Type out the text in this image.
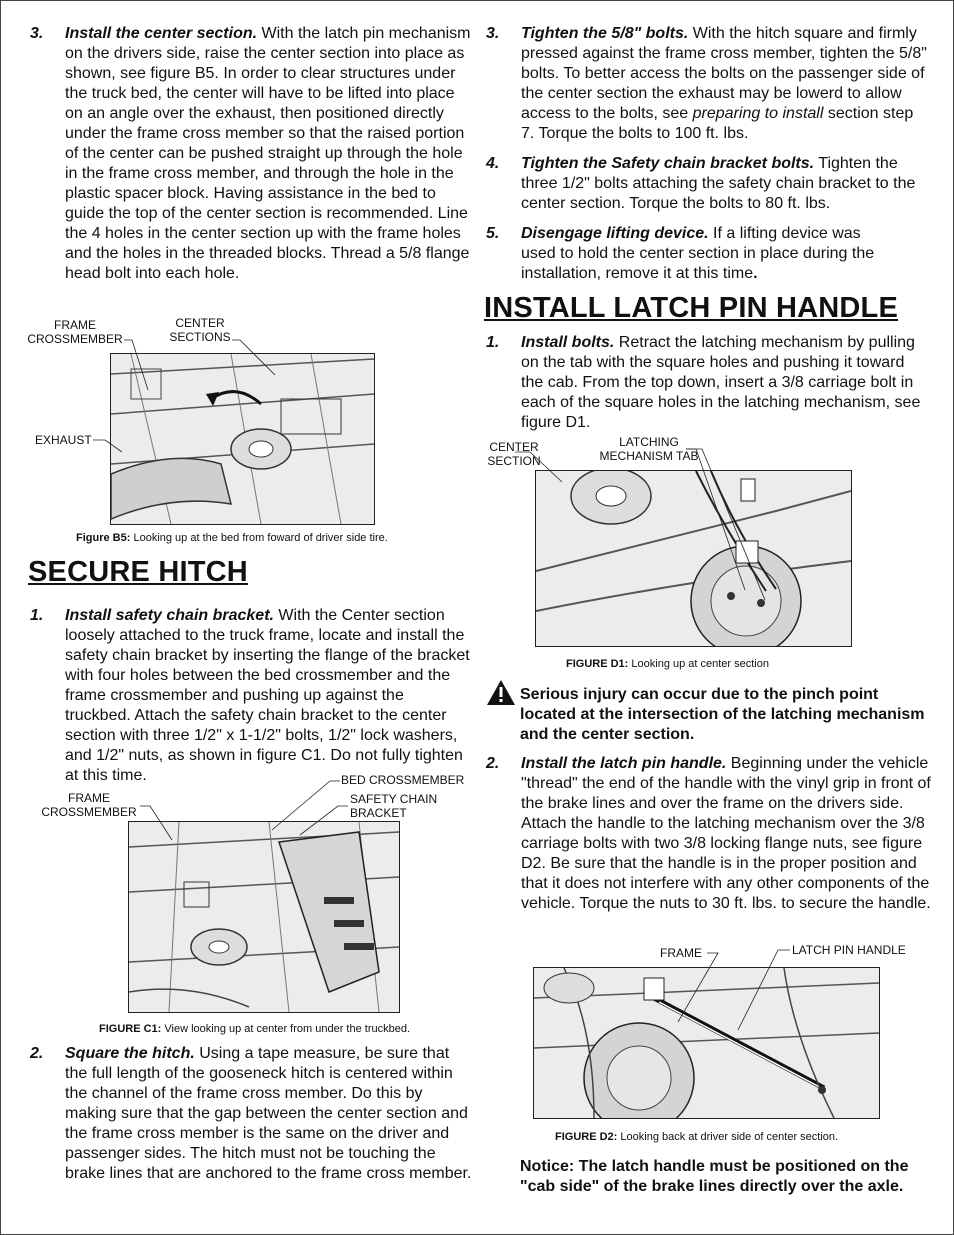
3. Install the center section. With the latch pin mechanism on the drivers side, raise the center section into place as shown, see figure B5. In order to clear structures under the truck bed, the center will have to be lifted into place on an angle over the exhaust, then positioned directly under the frame cross member so that the raised portion of the center can be pushed straight up through the hole in the frame cross member, and through the hole in the plastic spacer block. Having assistance in the bed to guide the top of the center section is recommended. Line the 4 holes in the center section up with the frame holes and the holes in the threaded blocks. Thread a 5/8 flange head bolt into each hole.
FRAME
CROSSMEMBER
CENTER
SECTIONS
EXHAUST
Figure B5: Looking up at the bed from foward of driver side tire.
SECURE HITCH
1. Install safety chain bracket. With the Center section loosely attached to the truck frame, locate and install the safety chain bracket by inserting the flange of the bracket with four holes between the bed crossmember and the frame crossmember and pushing up against the truckbed. Attach the safety chain bracket to the center section with three 1/2" x 1-1/2" bolts, 1/2" lock washers, and 1/2" nuts, as shown in figure C1. Do not fully tighten at this time.
FRAME
CROSSMEMBER
BED CROSSMEMBER
SAFETY CHAIN
BRACKET
FIGURE C1: View looking up at center from under the truckbed.
2. Square the hitch. Using a tape measure, be sure that the full length of the gooseneck hitch is centered within the channel of the frame cross member. Do this by making sure that the gap between the center section and the frame cross member is the same on the driver and passenger sides. The hitch must not be touching the brake lines that are anchored to the frame cross member.
3. Tighten the 5/8" bolts. With the hitch square and firmly pressed against the frame cross member, tighten the 5/8" bolts. To better access the bolts on the passenger side of the center section the exhaust may be lowerd to allow access to the bolts, see preparing to install section step 7. Torque the bolts to 100 ft. lbs.
4. Tighten the Safety chain bracket bolts. Tighten the three 1/2" bolts attaching the safety chain bracket to the center section. Torque the bolts to 80 ft. lbs.
5. Disengage lifting device. If a lifting device was used to hold the center section in place during the installation, remove it at this time.
INSTALL LATCH PIN HANDLE
1. Install bolts. Retract the latching mechanism by pulling on the tab with the square holes and pushing it toward the cab. From the top down, insert a 3/8 carriage bolt in each of the square holes in the latching mechanism, see figure D1.
CENTER
SECTION
LATCHING
MECHANISM TAB
FIGURE D1: Looking up at center section
Serious injury can occur due to the pinch point located at the intersection of the latching mechanism and the center section.
2. Install the latch pin handle. Beginning under the vehicle "thread" the end of the handle with the vinyl grip in front of the brake lines and over the frame on the drivers side. Attach the handle to the latching mechanism over the 3/8 carriage bolts with two 3/8 locking flange nuts, see figure D2. Be sure that the handle is in the proper position and that it does not interfere with any other components of the vehicle. Torque the nuts to 30 ft. lbs. to secure the handle.
FRAME	LATCH PIN HANDLE
FIGURE D2: Looking back at driver side of center section.
Notice: The latch handle must be positioned on the "cab side" of the brake lines directly over the axle.
